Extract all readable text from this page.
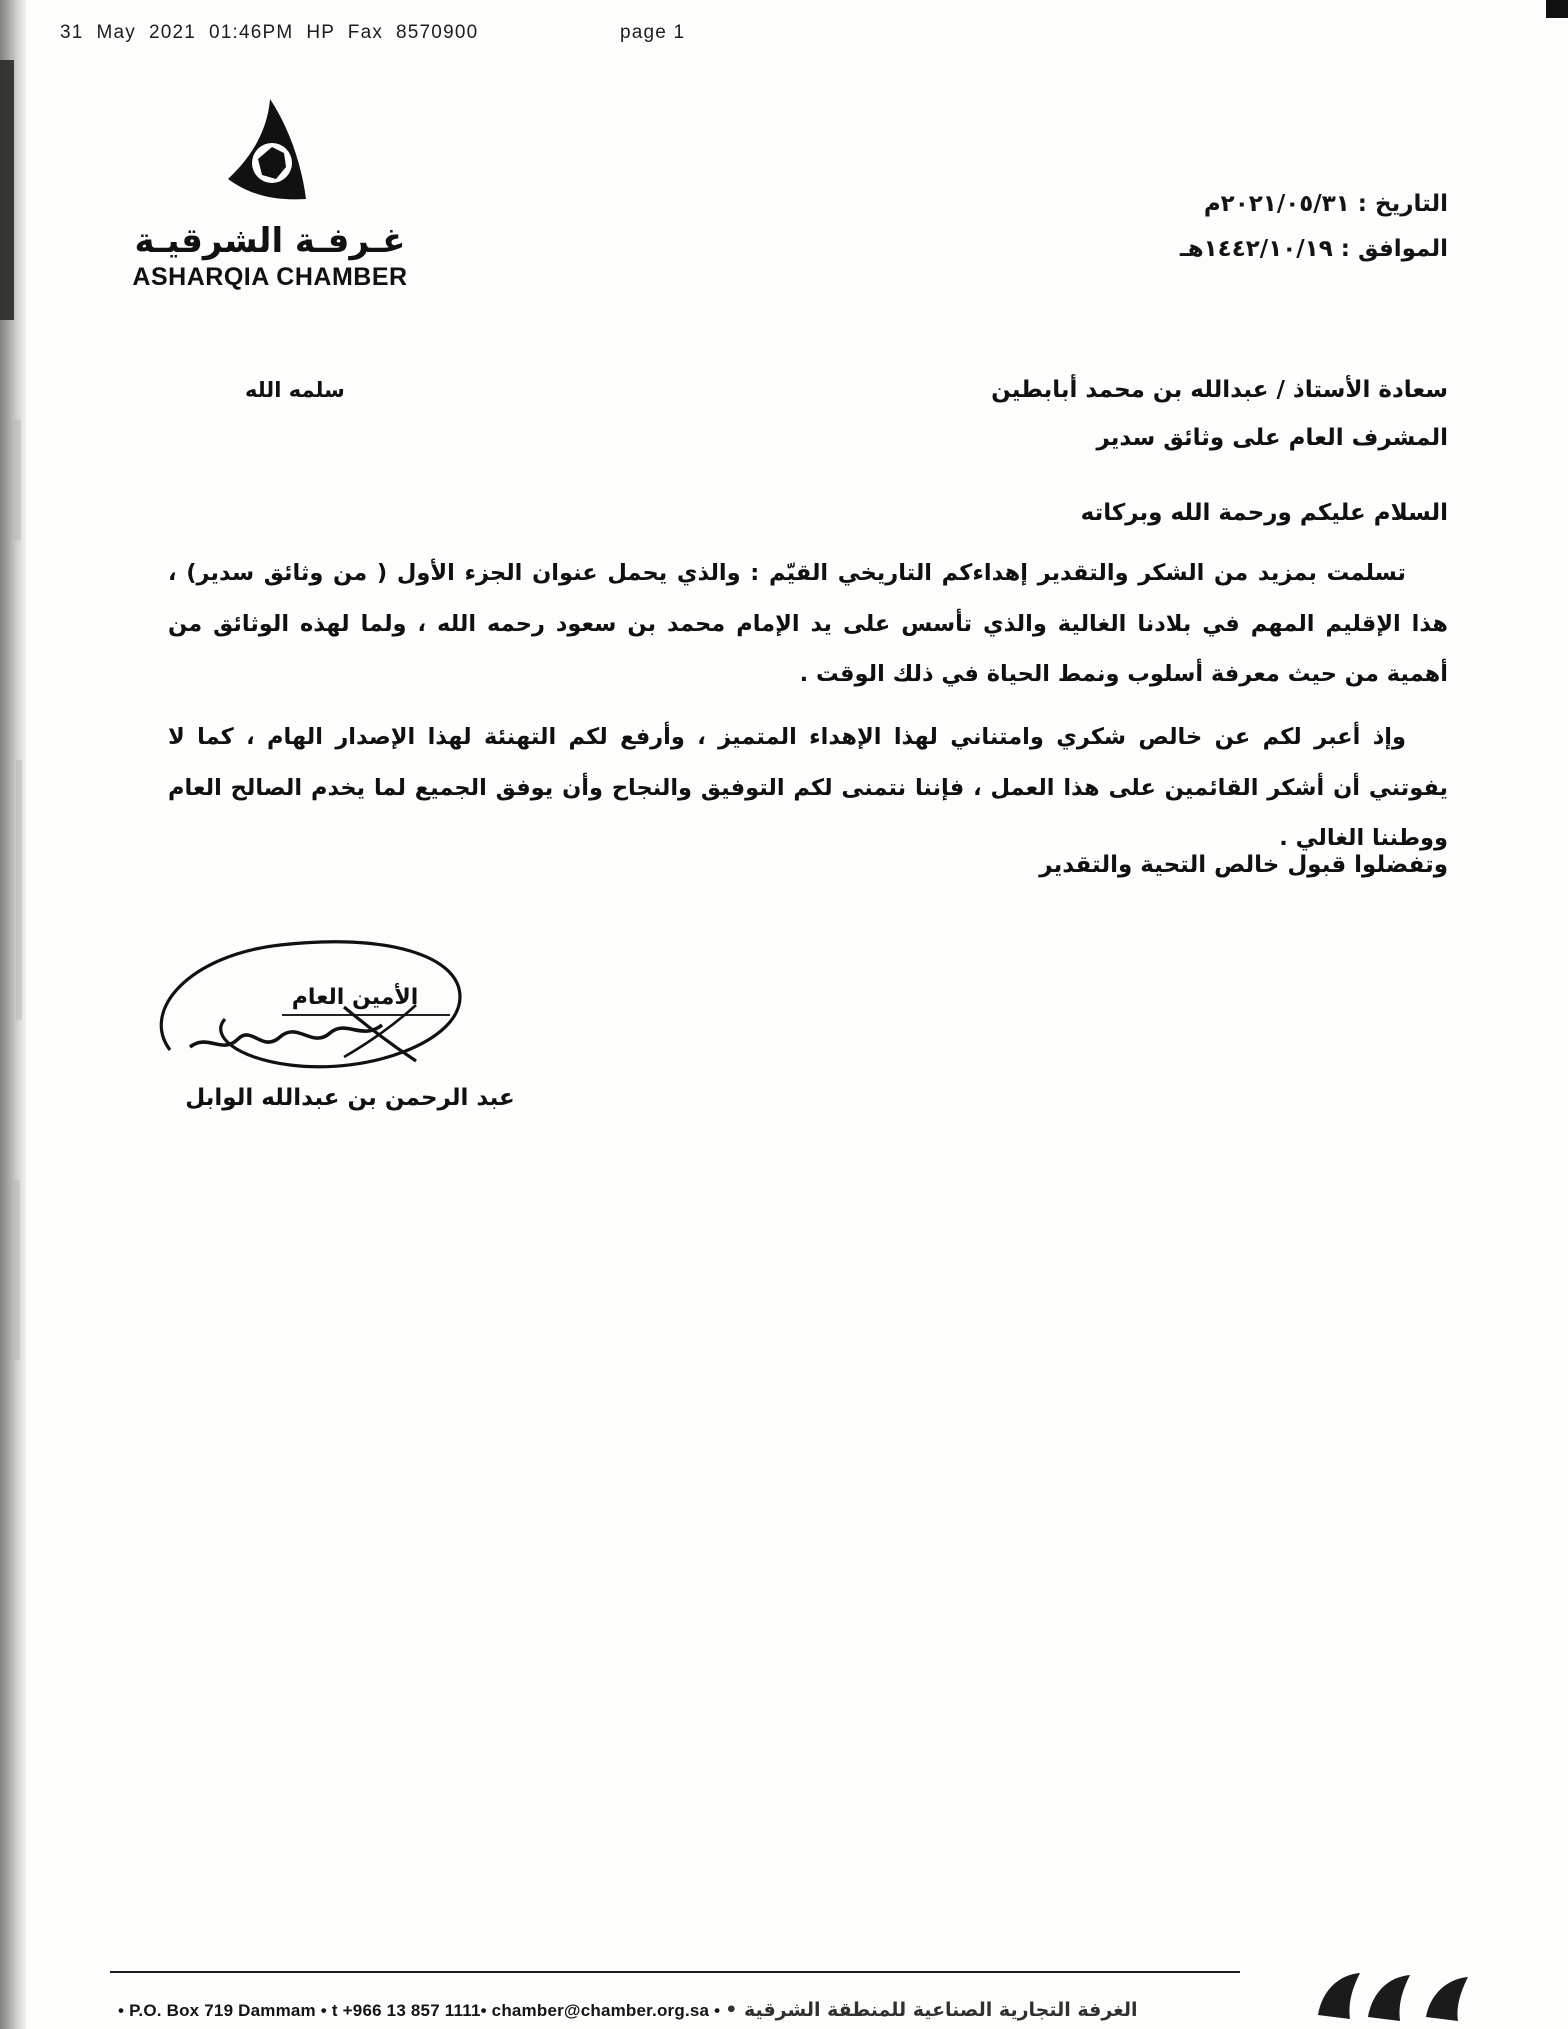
31  May  2021  01:46PM  HP  Fax  8570900	page 1
غـرفـة الشرقيـة
ASHARQIA CHAMBER
التاريخ : ٢٠٢١/٠٥/٣١م
الموافق : ١٤٤٢/١٠/١٩هـ
سعادة الأستاذ / عبدالله بن محمد أبابطين
المشرف العام على وثائق سدير
سلمه الله
السلام عليكم ورحمة الله وبركاته

تسلمت بمزيد من الشكر والتقدير إهداءكم التاريخي القيّم : والذي يحمل عنوان الجزء الأول ( من وثائق سدير) ، هذا الإقليم المهم في بلادنا الغالية والذي تأسس على يد الإمام محمد بن سعود رحمه الله ، ولما لهذه الوثائق من أهمية من حيث معرفة أسلوب ونمط الحياة في ذلك الوقت .

وإذ أعبر لكم عن خالص شكري وامتناني لهذا الإهداء المتميز ، وأرفع لكم التهنئة لهذا الإصدار الهام ، كما لا يفوتني أن أشكر القائمين على هذا العمل ، فإننا نتمنى لكم التوفيق والنجاح وأن يوفق الجميع لما يخدم الصالح العام ووطننا الغالي .

وتفضلوا قبول خالص التحية والتقدير
الأمين العام
عبد الرحمن بن عبدالله الوابل
• P.O. Box 719 Dammam • t +966 13 857 1111• chamber@chamber.org.sa • الغرفة التجارية الصناعية للمنطقة الشرقية •
